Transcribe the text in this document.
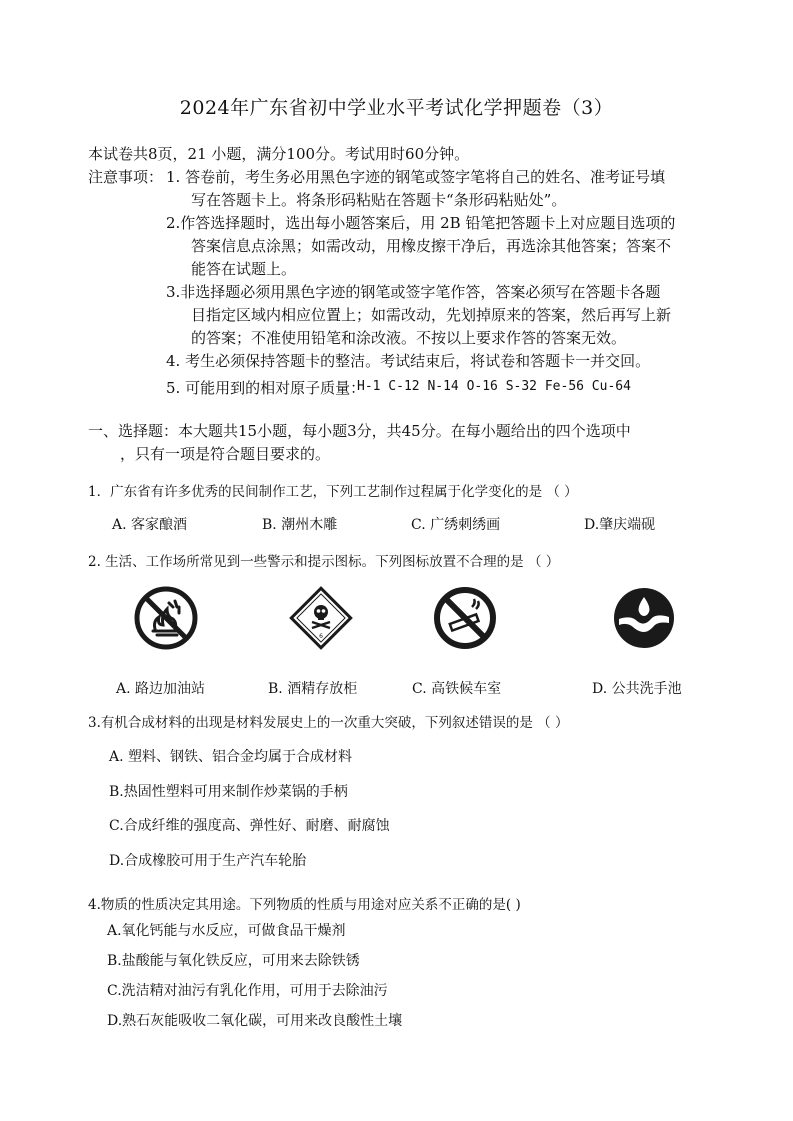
2024年广东省初中学业水平考试化学押题卷（3）
本试卷共8页，21 小题，满分100分。考试用时60分钟。
注意事项： 1. 答卷前，考生务必用黑色字迹的钢笔或签字笔将自己的姓名、准考证号填
写在答题卡上。将条形码粘贴在答题卡“条形码粘贴处”。
2.作答选择题时，选出每小题答案后，用 2B 铅笔把答题卡上对应题目选项的
答案信息点涂黑；如需改动，用橡皮擦干净后，再选涂其他答案；答案不
能答在试题上。
3.非选择题必须用黑色字迹的钢笔或签字笔作答，答案必须写在答题卡各题
目指定区域内相应位置上；如需改动，先划掉原来的答案，然后再写上新
的答案；不准使用铅笔和涂改液。不按以上要求作答的答案无效。
4. 考生必须保持答题卡的整洁。考试结束后，将试卷和答题卡一并交回。
5. 可能用到的相对原子质量：
H-1 C-12 N-14 O-16 S-32 Fe-56 Cu-64
一、选择题：本大题共15小题，每小题3分，共45分。在每小题给出的四个选项中
，只有一项是符合题目要求的。
1．广东省有许多优秀的民间制作工艺，下列工艺制作过程属于化学变化的是 （ ）
A. 客家酿酒	B. 潮州木雕	C. 广绣刺绣画	D.肇庆端砚
2. 生活、工作场所常见到一些警示和提示图标。下列图标放置不合理的是 （ ）
6
A. 路边加油站	B. 酒精存放柜	C. 高铁候车室	D. 公共洗手池
3.有机合成材料的出现是材料发展史上的一次重大突破，下列叙述错误的是 （ ）
A. 塑料、钢铁、铝合金均属于合成材料
B.热固性塑料可用来制作炒菜锅的手柄
C.合成纤维的强度高、弹性好、耐磨、耐腐蚀
D.合成橡胶可用于生产汽车轮胎
4.物质的性质决定其用途。下列物质的性质与用途对应关系不正确的是( )
A.氧化钙能与水反应，可做食品干燥剂
B.盐酸能与氧化铁反应，可用来去除铁锈
C.洗洁精对油污有乳化作用，可用于去除油污
D.熟石灰能吸收二氧化碳，可用来改良酸性土壤
